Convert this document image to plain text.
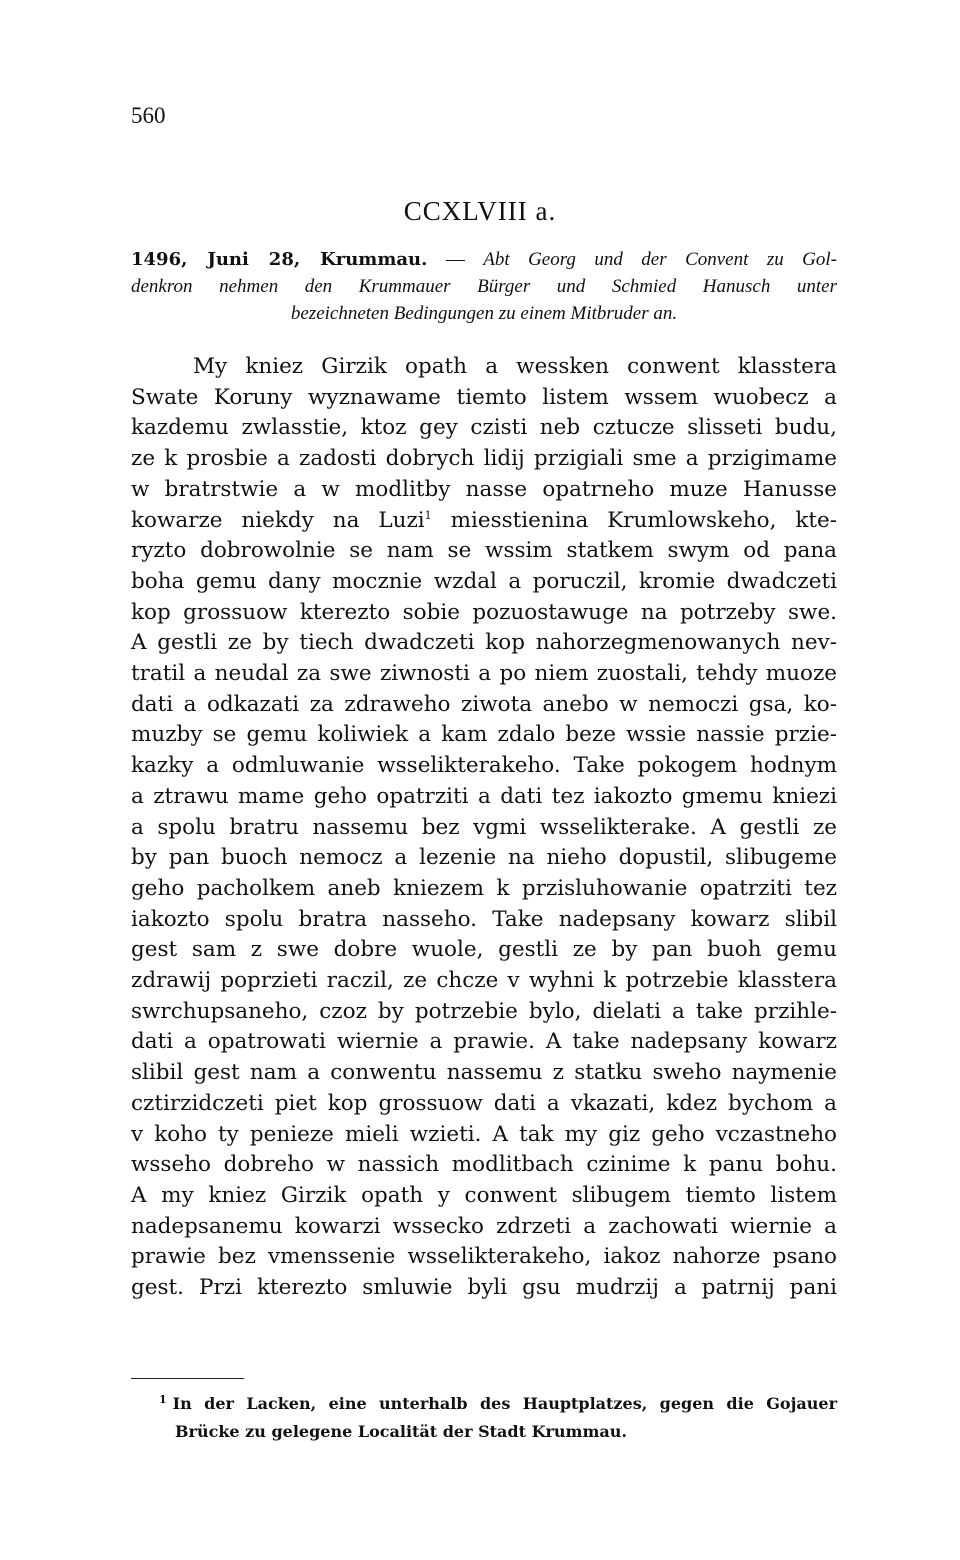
560
CCXLVIII a.
1496, Juni 28, Krummau. — Abt Georg und der Convent zu Gol-
denkron nehmen den Krummauer Bürger und Schmied Hanusch unter
bezeichneten Bedingungen zu einem Mitbruder an.
My kniez Girzik opath a wessken conwent klasstera
Swate Koruny wyznawame tiemto listem wssem wuobecz a
kazdemu zwlasstie, ktoz gey czisti neb cztucze slisseti budu,
ze k prosbie a zadosti dobrych lidij przigiali sme a przigimame
w bratrstwie a w modlitby nasse opatrneho muze Hanusse
kowarze niekdy na Luzi$^1$ miesstienina Krumlowskeho, kte-
ryzto dobrowolnie se nam se wssim statkem swym od pana
boha gemu dany mocznie wzdal a poruczil, kromie dwadczeti
kop grossuow kterezto sobie pozuostawuge na potrzeby swe.
A gestli ze by tiech dwadczeti kop nahorzegmenowanych nev-
tratil a neudal za swe ziwnosti a po niem zuostali, tehdy muoze
dati a odkazati za zdraweho ziwota anebo w nemoczi gsa, ko-
muzby se gemu koliwiek a kam zdalo beze wssie nassie przie-
kazky a odmluwanie wsselikterakeho. Take pokogem hodnym
a ztrawu mame geho opatrziti a dati tez iakozto gmemu kniezi
a spolu bratru nassemu bez vgmi wsselikterake. A gestli ze
by pan buoch nemocz a lezenie na nieho dopustil, slibugeme
geho pacholkem aneb kniezem k przisluhowanie opatrziti tez
iakozto spolu bratra nasseho. Take nadepsany kowarz slibil
gest sam z swe dobre wuole, gestli ze by pan buoh gemu
zdrawij poprzieti raczil, ze chcze v wyhni k potrzebie klasstera
swrchupsaneho, czoz by potrzebie bylo, dielati a take przihle-
dati a opatrowati wiernie a prawie. A take nadepsany kowarz
slibil gest nam a conwentu nassemu z statku sweho naymenie
cztirzidczeti piet kop grossuow dati a vkazati, kdez bychom a
v koho ty penieze mieli wzieti. A tak my giz geho vczastneho
wsseho dobreho w nassich modlitbach czinime k panu bohu.
A my kniez Girzik opath y conwent slibugem tiemto listem
nadepsanemu kowarzi wssecko zdrzeti a zachowati wiernie a
prawie bez vmenssenie wsselikterakeho, iakoz nahorze psano
gest. Przi kterezto smluwie byli gsu mudrzij a patrnij pani
$^1$ In der Lacken, eine unterhalb des Hauptplatzes, gegen die Gojauer
Brücke zu gelegene Localität der Stadt Krummau.
